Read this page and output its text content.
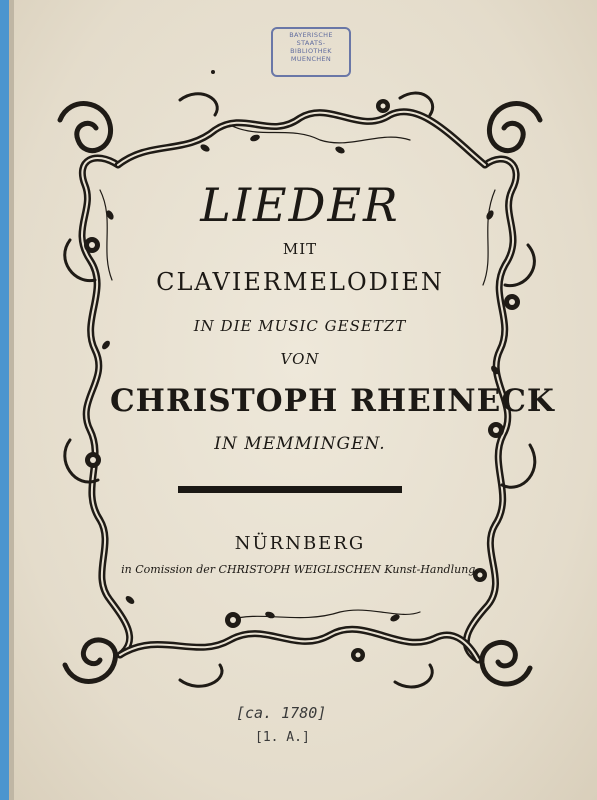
BAYERISCHE
STAATS-
BIBLIOTHEK
MUENCHEN
LIEDER
MIT
CLAVIERMELODIEN
IN DIE MUSIC GESETZT
VON
CHRISTOPH RHEINECK
IN MEMMINGEN.
NÜRNBERG
in Comission der CHRISTOPH WEIGLISCHEN Kunst-Handlung.
[ca. 1780]
[1. A.]
